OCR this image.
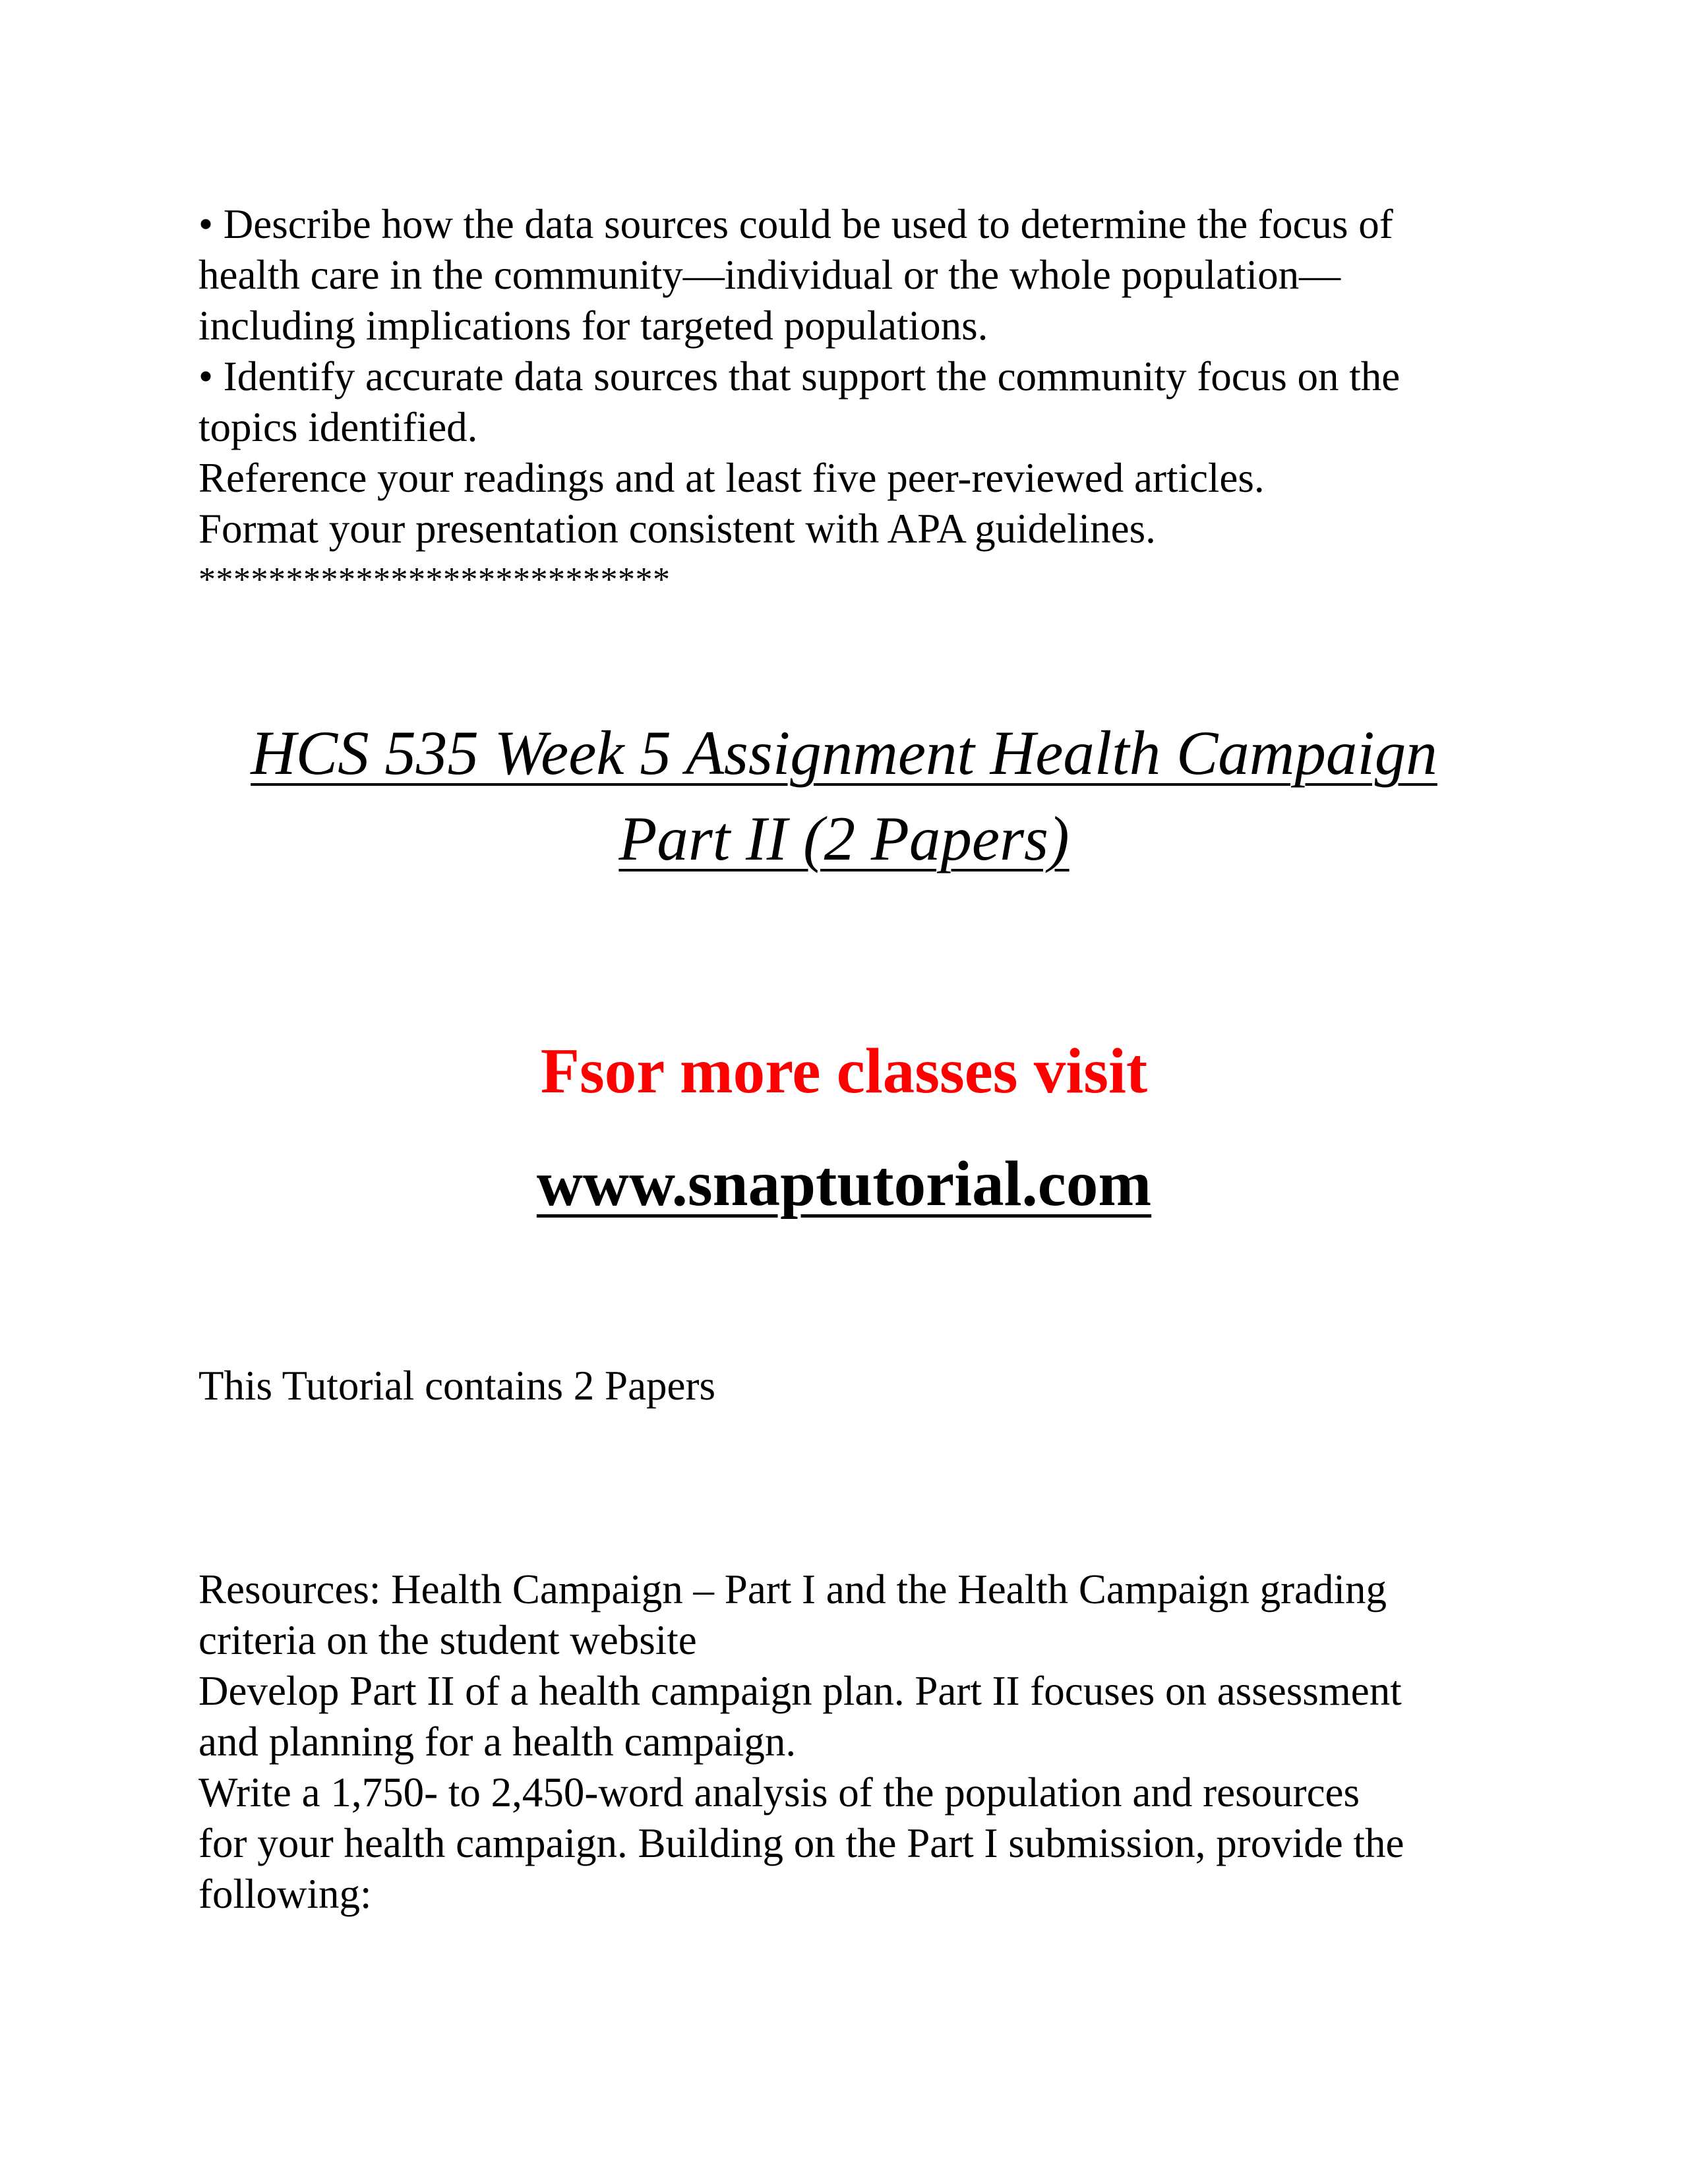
• Describe how the data sources could be used to determine the focus of
health care in the community—individual or the whole population—
including implications for targeted populations.
• Identify accurate data sources that support the community focus on the
topics identified.
Reference your readings and at least five peer-reviewed articles.
Format your presentation consistent with APA guidelines.
***************************
HCS 535 Week 5 Assignment Health Campaign
Part II (2 Papers)
Fsor more classes visit
www.snaptutorial.com
This Tutorial contains 2 Papers
Resources: Health Campaign – Part I and the Health Campaign grading
criteria on the student website
Develop Part II of a health campaign plan. Part II focuses on assessment
and planning for a health campaign.
Write a 1,750- to 2,450-word analysis of the population and resources
for your health campaign. Building on the Part I submission, provide the
following:
